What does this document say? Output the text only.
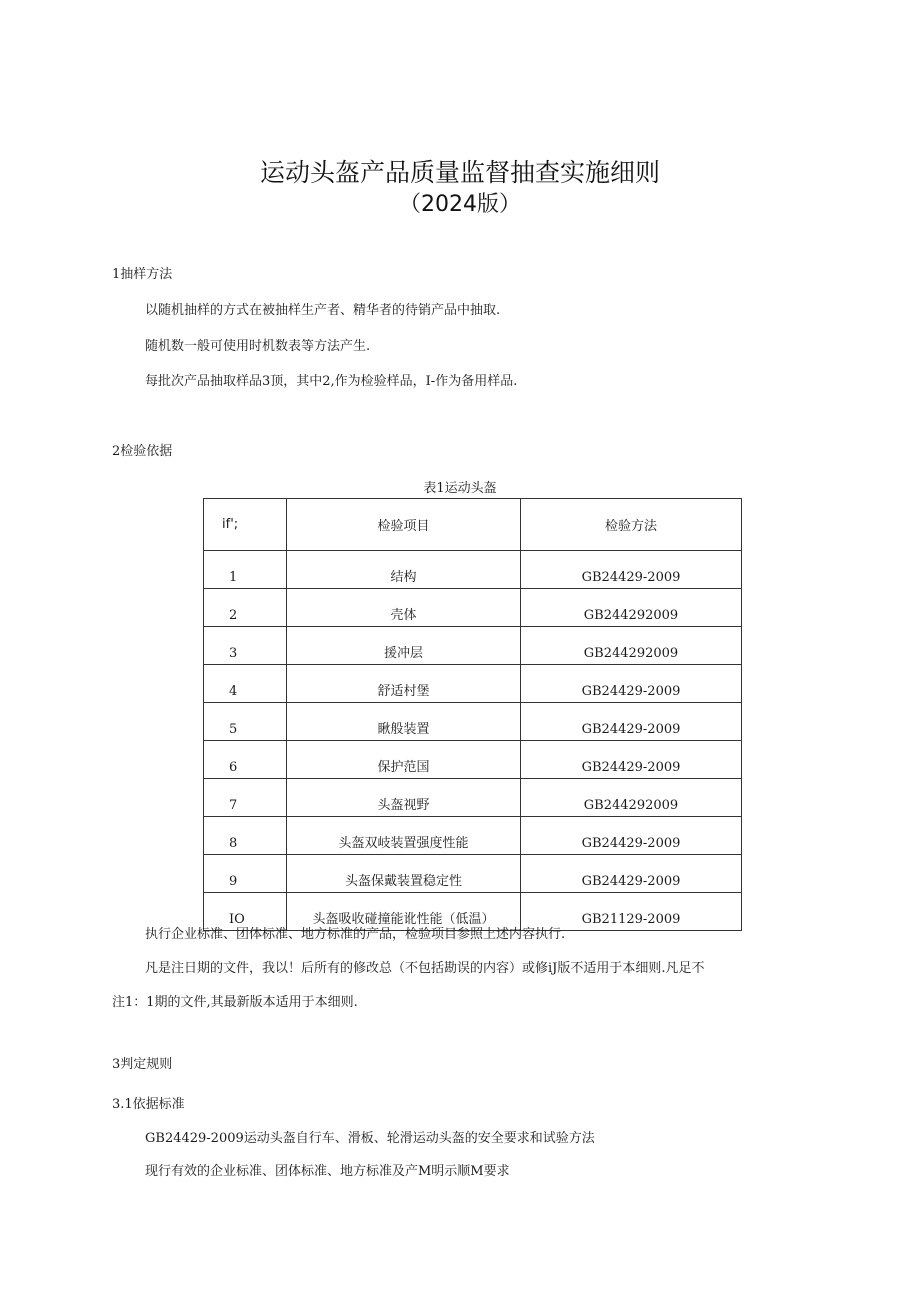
运动头盔产品质量监督抽查实施细则
（2024版）
1抽样方法
以随机抽样的方式在被抽样生产者、精华者的待销产品中抽取.
随机数一般可使用时机数表等方法产生.
每批次产品抽取样品3顶，其中2,作为检验样品，I-作为备用样品.
2检验依据
表1运动头盔
if';	检验项目	检验方法
1	结构	GB24429-2009
2	壳体	GB244292009
3	援冲层	GB244292009
4	舒适村堡	GB24429-2009
5	瞅般装置	GB24429-2009
6	保护范国	GB24429-2009
7	头盔视野	GB244292009
8	头盔双岐装置强度性能	GB24429-2009
9	头盔保戴装置稳定性	GB24429-2009
IO	头盔吸收碰撞能讹性能（低温）	GB21129-2009
执行企业标准、团体标准、地方标准的产品，检验项目参照上述内容执行.
凡是注日期的文件，我以！后所有的修改总（不包括勘误的内容）或修iJ版不适用于本细则.凡足不
注1：1期的文件,其最新版本适用于本细则.
3判定规则
3.1依据标准
GB24429-2009运动头盔自行车、滑板、轮滑运动头盔的安全要求和试验方法
现行有效的企业标准、团体标准、地方标准及产M明示顺M要求
